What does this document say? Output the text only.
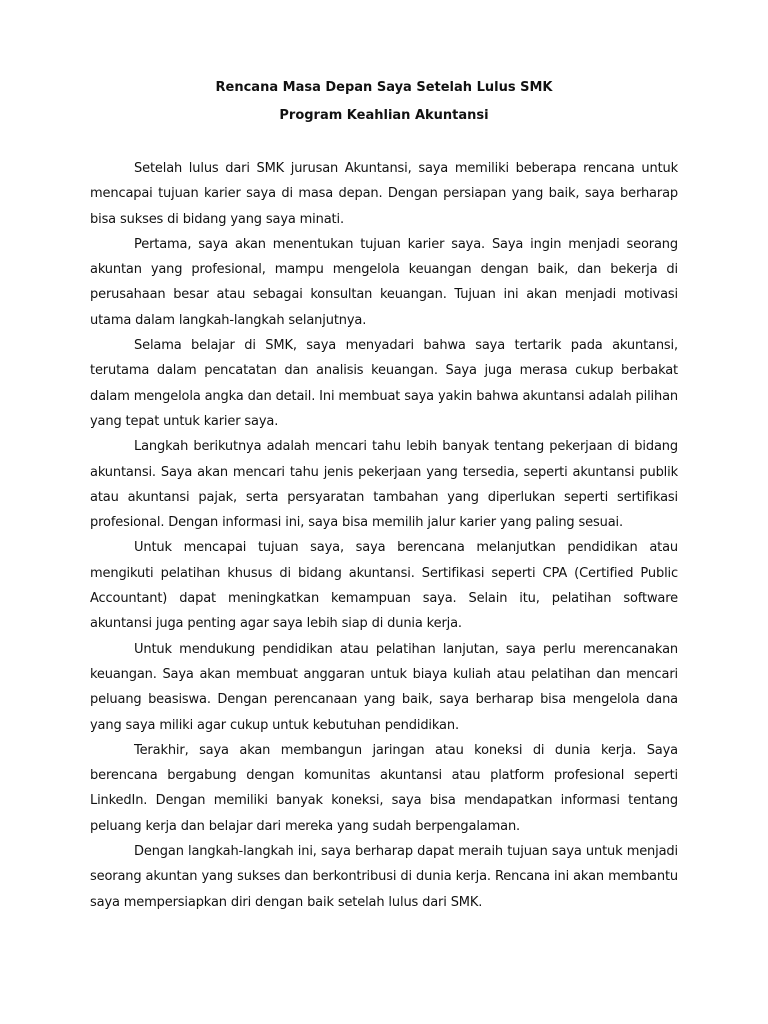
Rencana Masa Depan Saya Setelah Lulus SMK

Program Keahlian Akuntansi

Setelah lulus dari SMK jurusan Akuntansi, saya memiliki beberapa rencana untuk mencapai tujuan karier saya di masa depan. Dengan persiapan yang baik, saya berharap bisa sukses di bidang yang saya minati.

Pertama, saya akan menentukan tujuan karier saya. Saya ingin menjadi seorang akuntan yang profesional, mampu mengelola keuangan dengan baik, dan bekerja di perusahaan besar atau sebagai konsultan keuangan. Tujuan ini akan menjadi motivasi utama dalam langkah-langkah selanjutnya.

Selama belajar di SMK, saya menyadari bahwa saya tertarik pada akuntansi, terutama dalam pencatatan dan analisis keuangan. Saya juga merasa cukup berbakat dalam mengelola angka dan detail. Ini membuat saya yakin bahwa akuntansi adalah pilihan yang tepat untuk karier saya.

Langkah berikutnya adalah mencari tahu lebih banyak tentang pekerjaan di bidang akuntansi. Saya akan mencari tahu jenis pekerjaan yang tersedia, seperti akuntansi publik atau akuntansi pajak, serta persyaratan tambahan yang diperlukan seperti sertifikasi profesional. Dengan informasi ini, saya bisa memilih jalur karier yang paling sesuai.

Untuk mencapai tujuan saya, saya berencana melanjutkan pendidikan atau mengikuti pelatihan khusus di bidang akuntansi. Sertifikasi seperti CPA (Certified Public Accountant) dapat meningkatkan kemampuan saya. Selain itu, pelatihan software akuntansi juga penting agar saya lebih siap di dunia kerja.

Untuk mendukung pendidikan atau pelatihan lanjutan, saya perlu merencanakan keuangan. Saya akan membuat anggaran untuk biaya kuliah atau pelatihan dan mencari peluang beasiswa. Dengan perencanaan yang baik, saya berharap bisa mengelola dana yang saya miliki agar cukup untuk kebutuhan pendidikan.

Terakhir, saya akan membangun jaringan atau koneksi di dunia kerja. Saya berencana bergabung dengan komunitas akuntansi atau platform profesional seperti LinkedIn. Dengan memiliki banyak koneksi, saya bisa mendapatkan informasi tentang peluang kerja dan belajar dari mereka yang sudah berpengalaman.

Dengan langkah-langkah ini, saya berharap dapat meraih tujuan saya untuk menjadi seorang akuntan yang sukses dan berkontribusi di dunia kerja. Rencana ini akan membantu saya mempersiapkan diri dengan baik setelah lulus dari SMK.
